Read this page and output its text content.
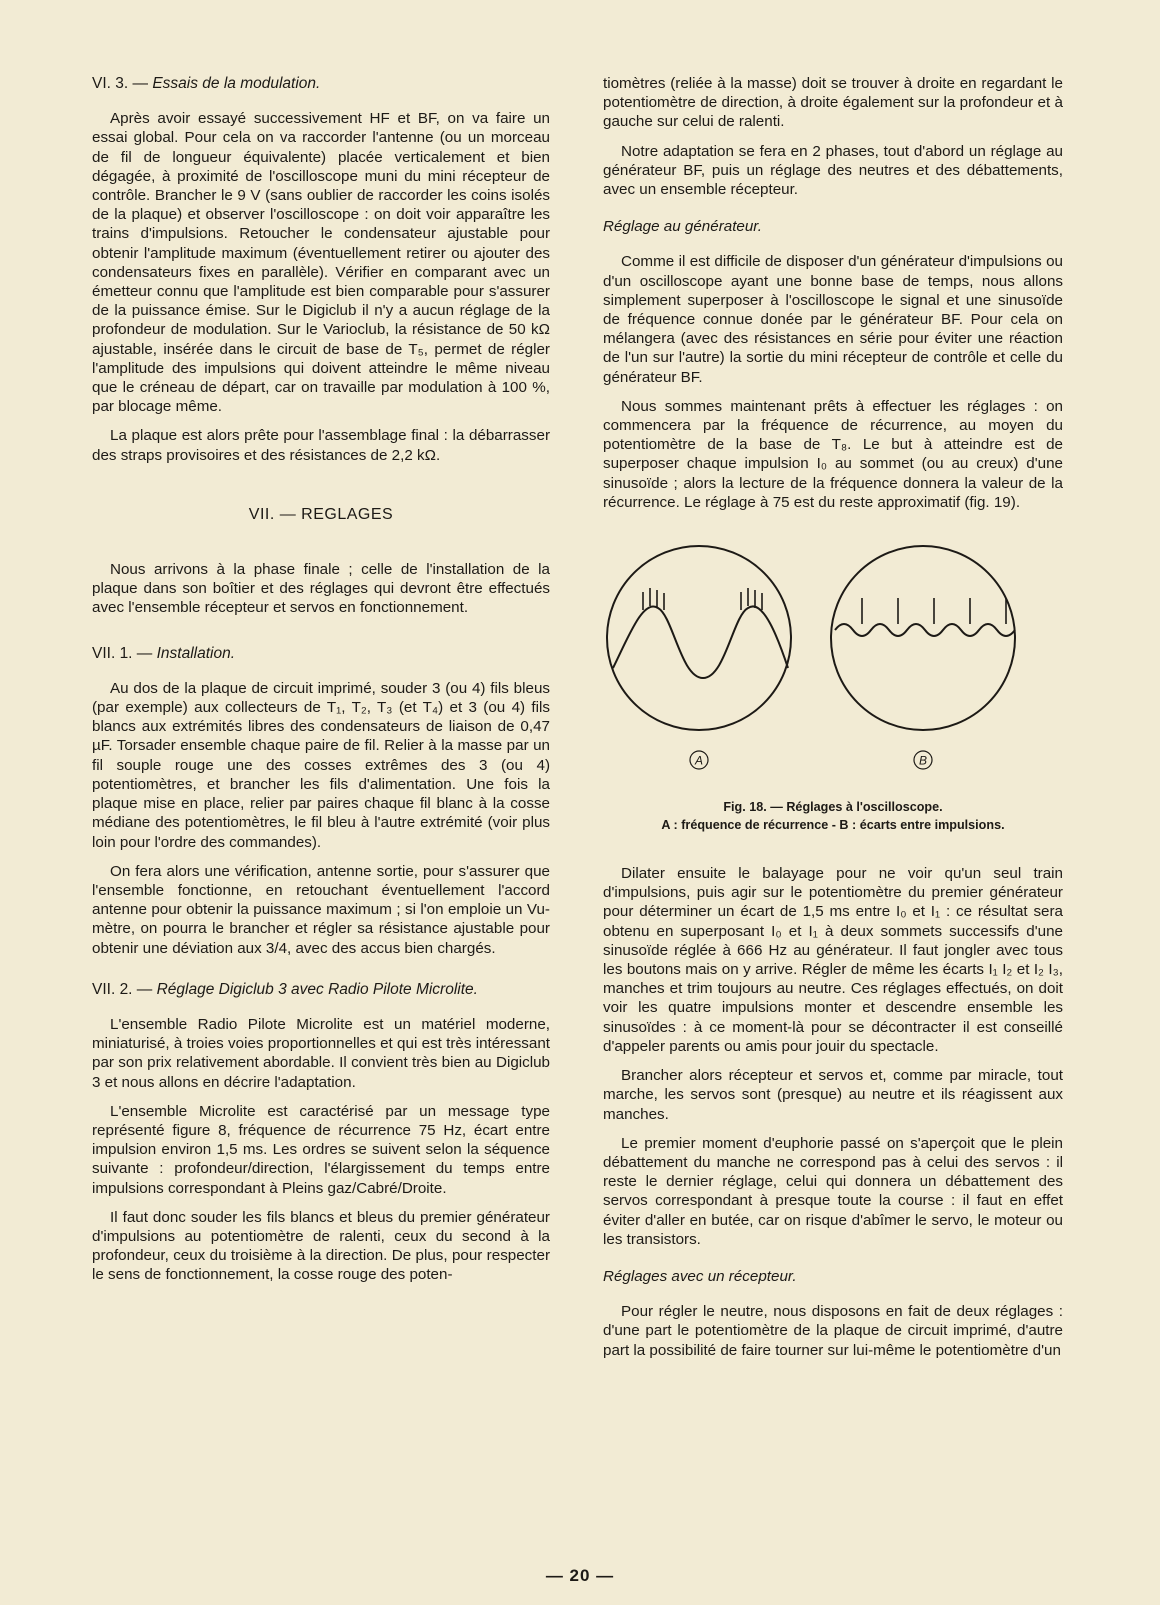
VI. 3. — Essais de la modulation.

Après avoir essayé successivement HF et BF, on va faire un essai global. Pour cela on va raccorder l'antenne (ou un morceau de fil de longueur équivalente) placée verticalement et bien dégagée, à proximité de l'oscilloscope muni du mini récepteur de contrôle. Brancher le 9 V (sans oublier de raccorder les coins isolés de la plaque) et observer l'oscilloscope : on doit voir apparaître les trains d'impulsions. Retoucher le condensateur ajustable pour obtenir l'amplitude maximum (éventuellement retirer ou ajouter des condensateurs fixes en parallèle). Vérifier en comparant avec un émetteur connu que l'amplitude est bien comparable pour s'assurer de la puissance émise. Sur le Digiclub il n'y a aucun réglage de la profondeur de modulation. Sur le Varioclub, la résistance de 50 kΩ ajustable, insérée dans le circuit de base de T₅, permet de régler l'amplitude des impulsions qui doivent atteindre le même niveau que le créneau de départ, car on travaille par modulation à 100 %, par blocage même.

La plaque est alors prête pour l'assemblage final : la débarrasser des straps provisoires et des résistances de 2,2 kΩ.

VII. — REGLAGES

Nous arrivons à la phase finale ; celle de l'installation de la plaque dans son boîtier et des réglages qui devront être effectués avec l'ensemble récepteur et servos en fonctionnement.

VII. 1. — Installation.

Au dos de la plaque de circuit imprimé, souder 3 (ou 4) fils bleus (par exemple) aux collecteurs de T₁, T₂, T₃ (et T₄) et 3 (ou 4) fils blancs aux extrémités libres des condensateurs de liaison de 0,47 µF. Torsader ensemble chaque paire de fil. Relier à la masse par un fil souple rouge une des cosses extrêmes des 3 (ou 4) potentiomètres, et brancher les fils d'alimentation. Une fois la plaque mise en place, relier par paires chaque fil blanc à la cosse médiane des potentiomètres, le fil bleu à l'autre extrémité (voir plus loin pour l'ordre des commandes).

On fera alors une vérification, antenne sortie, pour s'assurer que l'ensemble fonctionne, en retouchant éventuellement l'accord antenne pour obtenir la puissance maximum ; si l'on emploie un Vu-mètre, on pourra le brancher et régler sa résistance ajustable pour obtenir une déviation aux 3/4, avec des accus bien chargés.

VII. 2. — Réglage Digiclub 3 avec Radio Pilote Microlite.

L'ensemble Radio Pilote Microlite est un matériel moderne, miniaturisé, à troies voies proportionnelles et qui est très intéressant par son prix relativement abordable. Il convient très bien au Digiclub 3 et nous allons en décrire l'adaptation.

L'ensemble Microlite est caractérisé par un message type représenté figure 8, fréquence de récurrence 75 Hz, écart entre impulsion environ 1,5 ms. Les ordres se suivent selon la séquence suivante : profondeur/direction, l'élargissement du temps entre impulsions correspondant à Pleins gaz/Cabré/Droite.

Il faut donc souder les fils blancs et bleus du premier générateur d'impulsions au potentiomètre de ralenti, ceux du second à la profondeur, ceux du troisième à la direction. De plus, pour respecter le sens de fonctionnement, la cosse rouge des poten-

tiomètres (reliée à la masse) doit se trouver à droite en regardant le potentiomètre de direction, à droite également sur la profondeur et à gauche sur celui de ralenti.

Notre adaptation se fera en 2 phases, tout d'abord un réglage au générateur BF, puis un réglage des neutres et des débattements, avec un ensemble récepteur.

Réglage au générateur.

Comme il est difficile de disposer d'un générateur d'impulsions ou d'un oscilloscope ayant une bonne base de temps, nous allons simplement superposer à l'oscilloscope le signal et une sinusoïde de fréquence connue donée par le générateur BF. Pour cela on mélangera (avec des résistances en série pour éviter une réaction de l'un sur l'autre) la sortie du mini récepteur de contrôle et celle du générateur BF.

Nous sommes maintenant prêts à effectuer les réglages : on commencera par la fréquence de récurrence, au moyen du potentiomètre de la base de T₈. Le but à atteindre est de superposer chaque impulsion I₀ au sommet (ou au creux) d'une sinusoïde ; alors la lecture de la fréquence donnera la valeur de la récurrence. Le réglage à 75 est du reste approximatif (fig. 19).

A	B
Fig. 18. — Réglages à l'oscilloscope.
A : fréquence de récurrence - B : écarts entre impulsions.

Dilater ensuite le balayage pour ne voir qu'un seul train d'impulsions, puis agir sur le potentiomètre du premier générateur pour déterminer un écart de 1,5 ms entre I₀ et I₁ : ce résultat sera obtenu en superposant I₀ et I₁ à deux sommets successifs d'une sinusoïde réglée à 666 Hz au générateur. Il faut jongler avec tous les boutons mais on y arrive. Régler de même les écarts I₁ I₂ et I₂ I₃, manches et trim toujours au neutre. Ces réglages effectués, on doit voir les quatre impulsions monter et descendre ensemble les sinusoïdes : à ce moment-là pour se décontracter il est conseillé d'appeler parents ou amis pour jouir du spectacle.

Brancher alors récepteur et servos et, comme par miracle, tout marche, les servos sont (presque) au neutre et ils réagissent aux manches.

Le premier moment d'euphorie passé on s'aperçoit que le plein débattement du manche ne correspond pas à celui des servos : il reste le dernier réglage, celui qui donnera un débattement des servos correspondant à presque toute la course : il faut en effet éviter d'aller en butée, car on risque d'abîmer le servo, le moteur ou les transistors.

Réglages avec un récepteur.

Pour régler le neutre, nous disposons en fait de deux réglages : d'une part le potentiomètre de la plaque de circuit imprimé, d'autre part la possibilité de faire tourner sur lui-même le potentiomètre d'un

— 20 —
